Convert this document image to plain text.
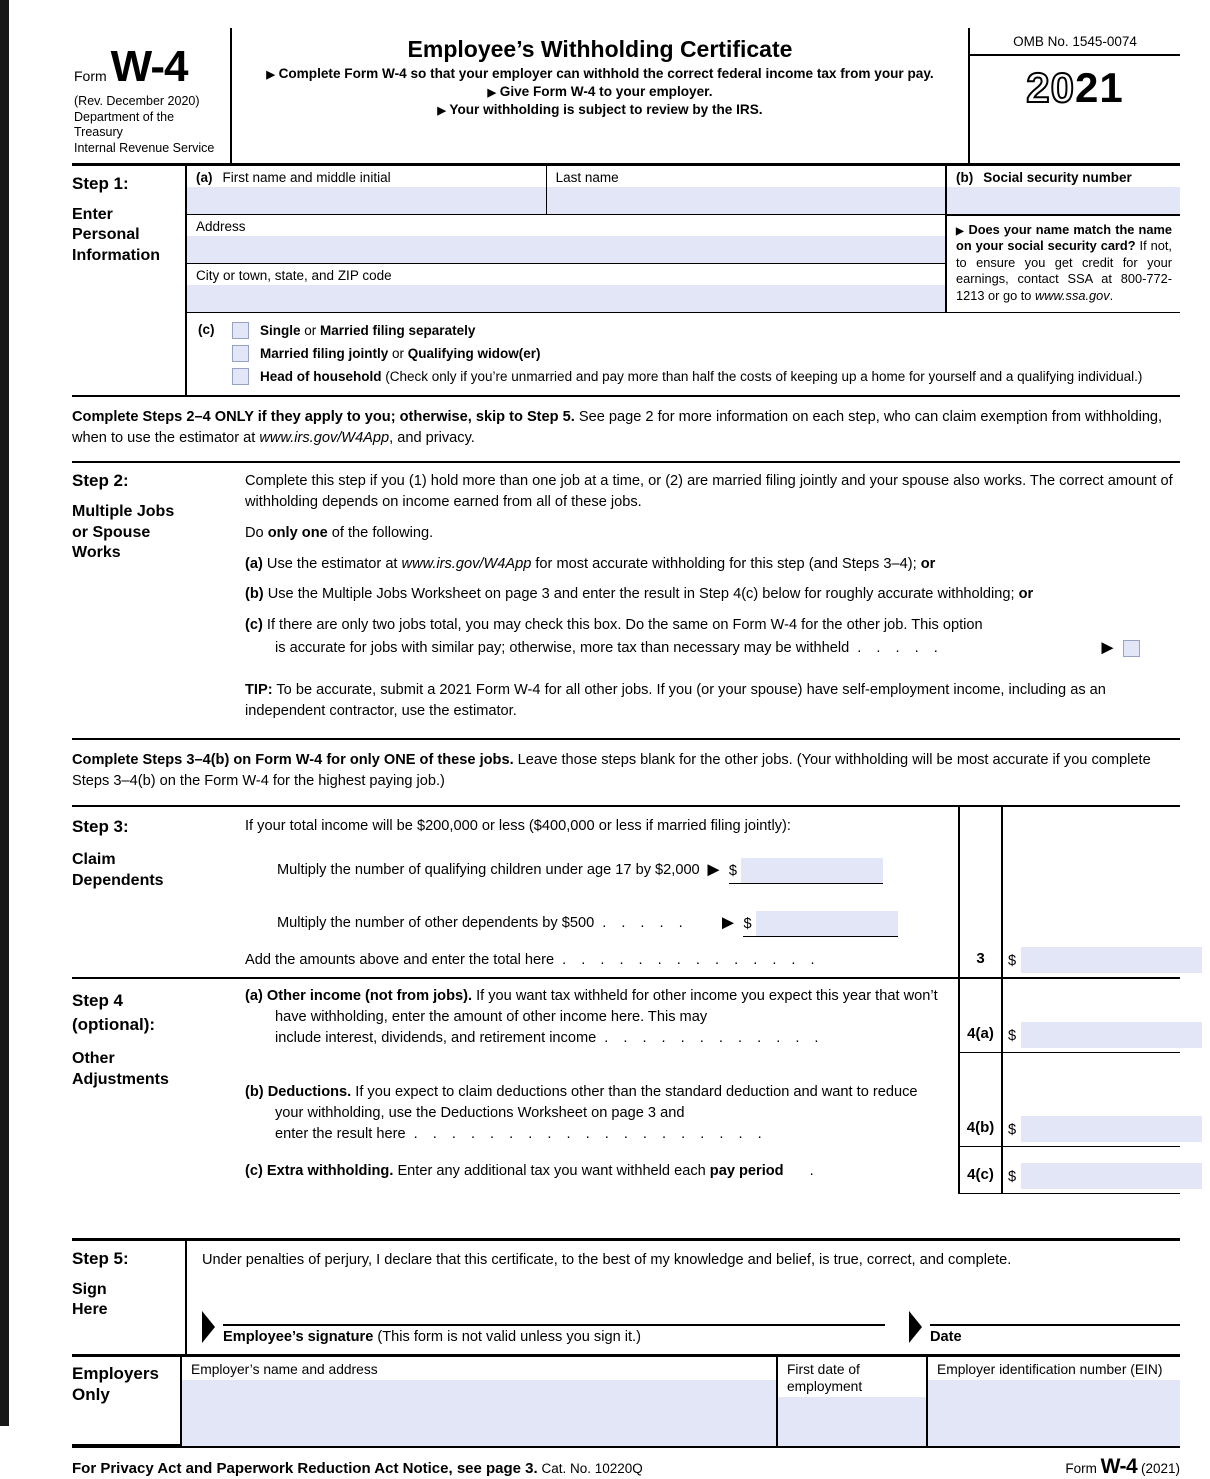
FormW-4
(Rev. December 2020)
Department of the Treasury
Internal Revenue Service
Employee’s Withholding Certificate
▶ Complete Form W-4 so that your employer can withhold the correct federal income tax from your pay.
▶ Give Form W-4 to your employer.
▶ Your withholding is subject to review by the IRS.
OMB No. 1545-0074
2021
Step 1:
Enter Personal Information
(a) First name and middle initial	Last name
Address
City or town, state, and ZIP code
(b) Social security number
▶ Does your name match the name on your social security card? If not, to ensure you get credit for your earnings, contact SSA at 800-772-1213 or go to www.ssa.gov.
(c)	Single or Married filing separately
Married filing jointly or Qualifying widow(er)
Head of household (Check only if you’re unmarried and pay more than half the costs of keeping up a home for yourself and a qualifying individual.)
Complete Steps 2–4 ONLY if they apply to you; otherwise, skip to Step 5. See page 2 for more information on each step, who can claim exemption from withholding, when to use the estimator at www.irs.gov/W4App, and privacy.
Step 2:
Multiple Jobs or Spouse Works

Complete this step if you (1) hold more than one job at a time, or (2) are married filing jointly and your spouse also works. The correct amount of withholding depends on income earned from all of these jobs.

Do only one of the following.

(a) Use the estimator at www.irs.gov/W4App for most accurate withholding for this step (and Steps 3–4); or
(b) Use the Multiple Jobs Worksheet on page 3 and enter the result in Step 4(c) below for roughly accurate withholding; or
(c) If there are only two jobs total, you may check this box. Do the same on Form W-4 for the other job. This option
is accurate for jobs with similar pay; otherwise, more tax than necessary may be withheld . . . . .	▶
TIP: To be accurate, submit a 2021 Form W-4 for all other jobs. If you (or your spouse) have self-employment income, including as an independent contractor, use the estimator.
Complete Steps 3–4(b) on Form W-4 for only ONE of these jobs. Leave those steps blank for the other jobs. (Your withholding will be most accurate if you complete Steps 3–4(b) on the Form W-4 for the highest paying job.)
Step 3:
Claim Dependents
Step 4
(optional):
Other Adjustments
If your total income will be $200,000 or less ($400,000 or less if married filing jointly):
Multiply the number of qualifying children under age 17 by $2,000 ▶ $
Multiply the number of other dependents by $500 . . . . .	▶ $
Add the amounts above and enter the total here . . . . . . . . . . . . . .	3	$
(a) Other income (not from jobs). If you want tax withheld for other income you expect this year that won’t have withholding, enter the amount of other income here. This may
include interest, dividends, and retirement income . . . . . . . . . . . .	4(a) $
(b) Deductions. If you expect to claim deductions other than the standard deduction and want to reduce your withholding, use the Deductions Worksheet on page 3 and
enter the result here . . . . . . . . . . . . . . . . . . .	4(b) $
(c) Extra withholding. Enter any additional tax you want withheld each pay period .	4(c) $
Step 5:
Sign Here
Under penalties of perjury, I declare that this certificate, to the best of my knowledge and belief, is true, correct, and complete.
Employee’s signature (This form is not valid unless you sign it.)	Date
Employers Only
Employer’s name and address	First date of employment
Employer identification number (EIN)
For Privacy Act and Paperwork Reduction Act Notice, see page 3. Cat. No. 10220Q	Form W-4 (2021)
